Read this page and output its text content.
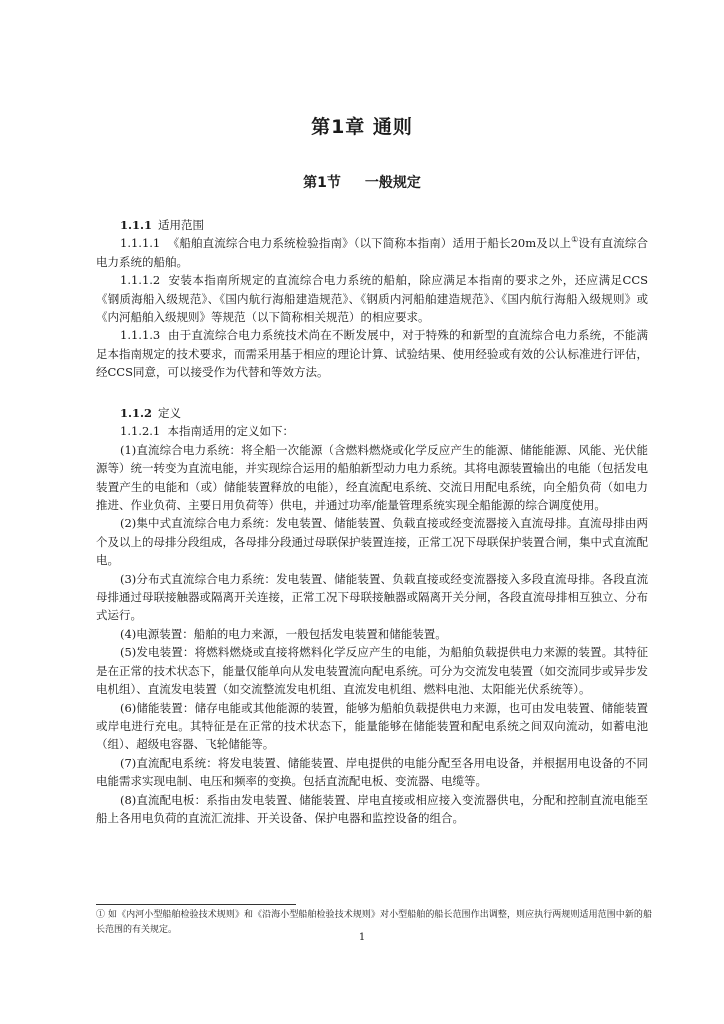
第1章 通则
第1节 一般规定

1.1.1 适用范围

1.1.1.1 《船舶直流综合电力系统检验指南》（以下简称本指南）适用于船长20m及以上①设有直流综合电力系统的船舶。

1.1.1.2 安装本指南所规定的直流综合电力系统的船舶，除应满足本指南的要求之外，还应满足CCS《钢质海船入级规范》、《国内航行海船建造规范》、《钢质内河船舶建造规范》、《国内航行海船入级规则》或《内河船舶入级规则》等规范（以下简称相关规范）的相应要求。

1.1.1.3 由于直流综合电力系统技术尚在不断发展中，对于特殊的和新型的直流综合电力系统，不能满足本指南规定的技术要求，而需采用基于相应的理论计算、试验结果、使用经验或有效的公认标准进行评估，经CCS同意，可以接受作为代替和等效方法。

1.1.2 定义

1.1.2.1 本指南适用的定义如下：

(1)直流综合电力系统：将全船一次能源（含燃料燃烧或化学反应产生的能源、储能能源、风能、光伏能源等）统一转变为直流电能，并实现综合运用的船舶新型动力电力系统。其将电源装置输出的电能（包括发电装置产生的电能和（或）储能装置释放的电能），经直流配电系统、交流日用配电系统，向全船负荷（如电力推进、作业负荷、主要日用负荷等）供电，并通过功率/能量管理系统实现全船能源的综合调度使用。

(2)集中式直流综合电力系统：发电装置、储能装置、负载直接或经变流器接入直流母排。直流母排由两个及以上的母排分段组成，各母排分段通过母联保护装置连接，正常工况下母联保护装置合闸，集中式直流配电。

(3)分布式直流综合电力系统：发电装置、储能装置、负载直接或经变流器接入多段直流母排。各段直流母排通过母联接触器或隔离开关连接，正常工况下母联接触器或隔离开关分闸，各段直流母排相互独立、分布式运行。

(4)电源装置：船舶的电力来源，一般包括发电装置和储能装置。

(5)发电装置：将燃料燃烧或直接将燃料化学反应产生的电能，为船舶负载提供电力来源的装置。其特征是在正常的技术状态下，能量仅能单向从发电装置流向配电系统。可分为交流发电装置（如交流同步或异步发电机组）、直流发电装置（如交流整流发电机组、直流发电机组、燃料电池、太阳能光伏系统等）。

(6)储能装置：储存电能或其他能源的装置，能够为船舶负载提供电力来源，也可由发电装置、储能装置或岸电进行充电。其特征是在正常的技术状态下，能量能够在储能装置和配电系统之间双向流动，如蓄电池（组）、超级电容器、飞轮储能等。

(7)直流配电系统：将发电装置、储能装置、岸电提供的电能分配至各用电设备，并根据用电设备的不同电能需求实现电制、电压和频率的变换。包括直流配电板、变流器、电缆等。

(8)直流配电板：系指由发电装置、储能装置、岸电直接或相应接入变流器供电，分配和控制直流电能至船上各用电负荷的直流汇流排、开关设备、保护电器和监控设备的组合。

① 如《内河小型船舶检验技术规则》和《沿海小型船舶检验技术规则》对小型船舶的船长范围作出调整，则应执行两规则适用范围中新的船长范围的有关规定。
1
